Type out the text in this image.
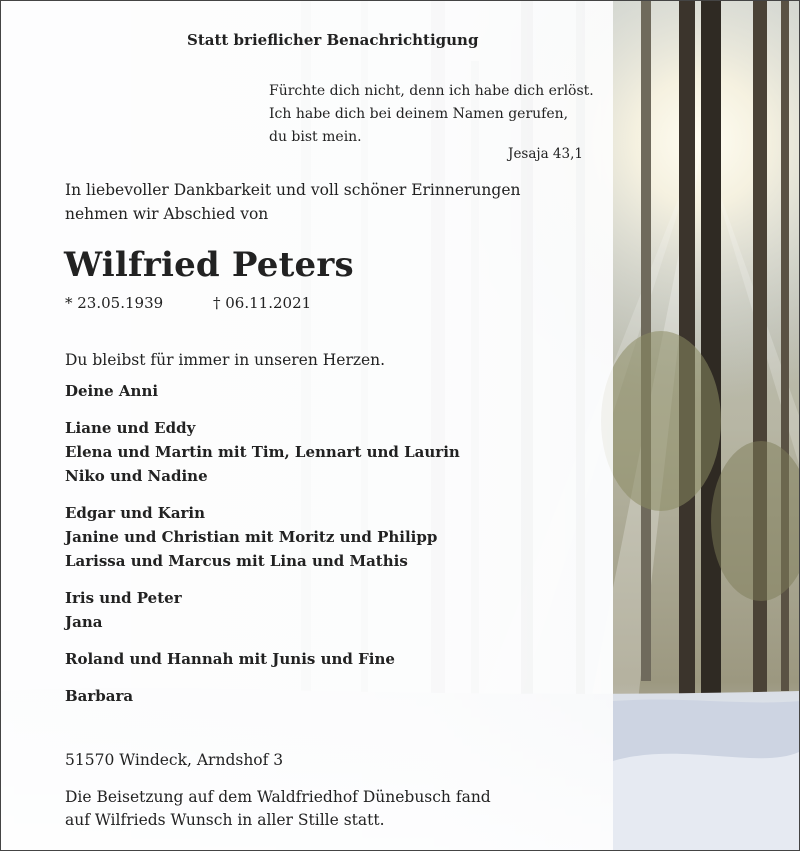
Statt brieflicher Benachrichtigung

Fürchte dich nicht, denn ich habe dich erlöst.
Ich habe dich bei deinem Namen gerufen,
du bist mein.

Jesaja 43,1

In liebevoller Dankbarkeit und voll schöner Erinnerungen
nehmen wir Abschied von
Wilfried Peters

* 23.05.1939	† 06.11.2021

Du bleibst für immer in unseren Herzen.

Deine Anni
Liane und Eddy
Elena und Martin mit Tim, Lennart und Laurin
Niko und Nadine
Edgar und Karin
Janine und Christian mit Moritz und Philipp
Larissa und Marcus mit Lina und Mathis
Iris und Peter
Jana
Roland und Hannah mit Junis und Fine
Barbara

51570 Windeck, Arndshof 3

Die Beisetzung auf dem Waldfriedhof Dünebusch fand
auf Wilfrieds Wunsch in aller Stille statt.
